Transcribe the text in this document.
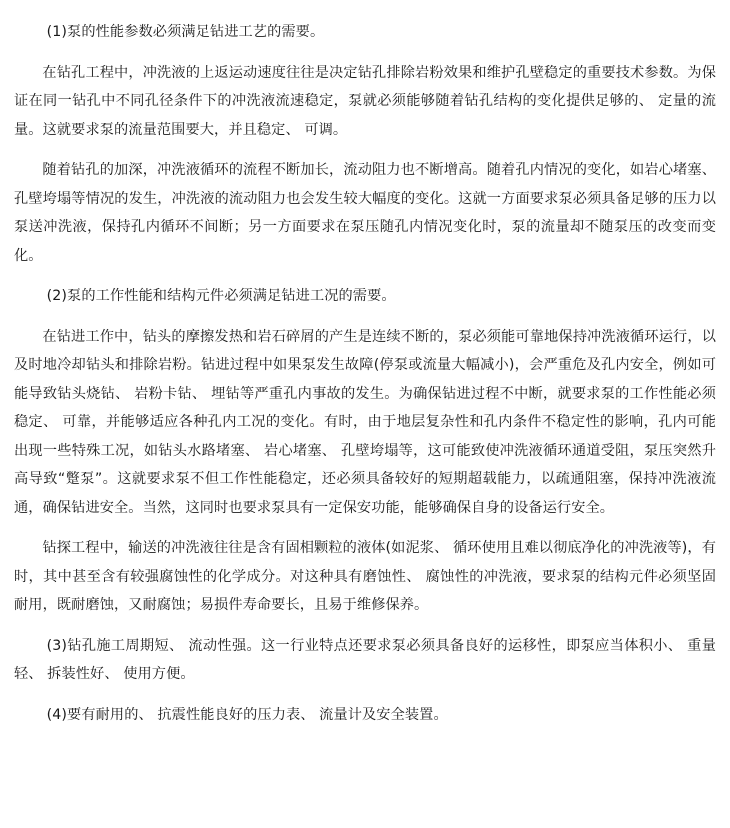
(1)泵的性能参数必须满足钻进工艺的需要。

在钻孔工程中，冲洗液的上返运动速度往往是决定钻孔排除岩粉效果和维护孔壁稳定的重要技术参数。为保证在同一钻孔中不同孔径条件下的冲洗液流速稳定，泵就必须能够随着钻孔结构的变化提供足够的、 定量的流量。这就要求泵的流量范围要大，并且稳定、 可调。

随着钻孔的加深，冲洗液循环的流程不断加长，流动阻力也不断增高。随着孔内情况的变化，如岩心堵塞、 孔壁垮塌等情况的发生，冲洗液的流动阻力也会发生较大幅度的变化。这就一方面要求泵必须具备足够的压力以泵送冲洗液，保持孔内循环不间断；另一方面要求在泵压随孔内情况变化时，泵的流量却不随泵压的改变而变化。

(2)泵的工作性能和结构元件必须满足钻进工况的需要。

在钻进工作中，钻头的摩擦发热和岩石碎屑的产生是连续不断的，泵必须能可靠地保持冲洗液循环运行，以及时地冷却钻头和排除岩粉。钻进过程中如果泵发生故障(停泵或流量大幅减小)，会严重危及孔内安全，例如可能导致钻头烧钻、 岩粉卡钻、 埋钻等严重孔内事故的发生。为确保钻进过程不中断，就要求泵的工作性能必须稳定、 可靠，并能够适应各种孔内工况的变化。有时，由于地层复杂性和孔内条件不稳定性的影响，孔内可能出现一些特殊工况，如钻头水路堵塞、 岩心堵塞、 孔壁垮塌等，这可能致使冲洗液循环通道受阻，泵压突然升高导致“蹩泵”。这就要求泵不但工作性能稳定，还必须具备较好的短期超载能力，以疏通阻塞，保持冲洗液流通，确保钻进安全。当然，这同时也要求泵具有一定保安功能，能够确保自身的设备运行安全。

钻探工程中，输送的冲洗液往往是含有固相颗粒的液体(如泥浆、 循环使用且难以彻底净化的冲洗液等)，有时，其中甚至含有较强腐蚀性的化学成分。对这种具有磨蚀性、 腐蚀性的冲洗液，要求泵的结构元件必须坚固耐用，既耐磨蚀，又耐腐蚀；易损件寿命要长，且易于维修保养。

(3)钻孔施工周期短、 流动性强。这一行业特点还要求泵必须具备良好的运移性，即泵应当体积小、 重量轻、 拆装性好、 使用方便。

(4)要有耐用的、 抗震性能良好的压力表、 流量计及安全装置。
